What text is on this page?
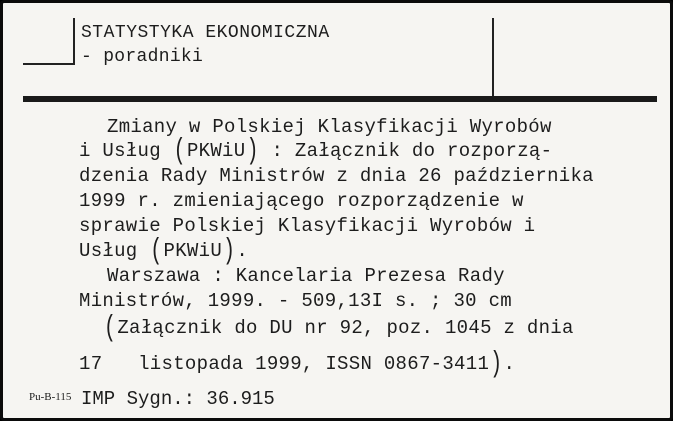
STATYSTYKA EKONOMICZNA
- poradniki
Zmiany w Polskiej Klasyfikacji Wyrobów
i Usług (PKWiU) : Załącznik do rozporzą-
dzenia Rady Ministrów z dnia 26 października
1999 r. zmieniającego rozporządzenie w
sprawie Polskiej Klasyfikacji Wyrobów i
Usług (PKWiU).
Warszawa : Kancelaria Prezesa Rady
Ministrów, 1999. - 509,13I s. ; 30 cm
(Załącznik do DU nr 92, poz. 1045 z dnia
17 listopada 1999, ISSN 0867-3411).
Pu-B-115 IMP Sygn.: 36.915
